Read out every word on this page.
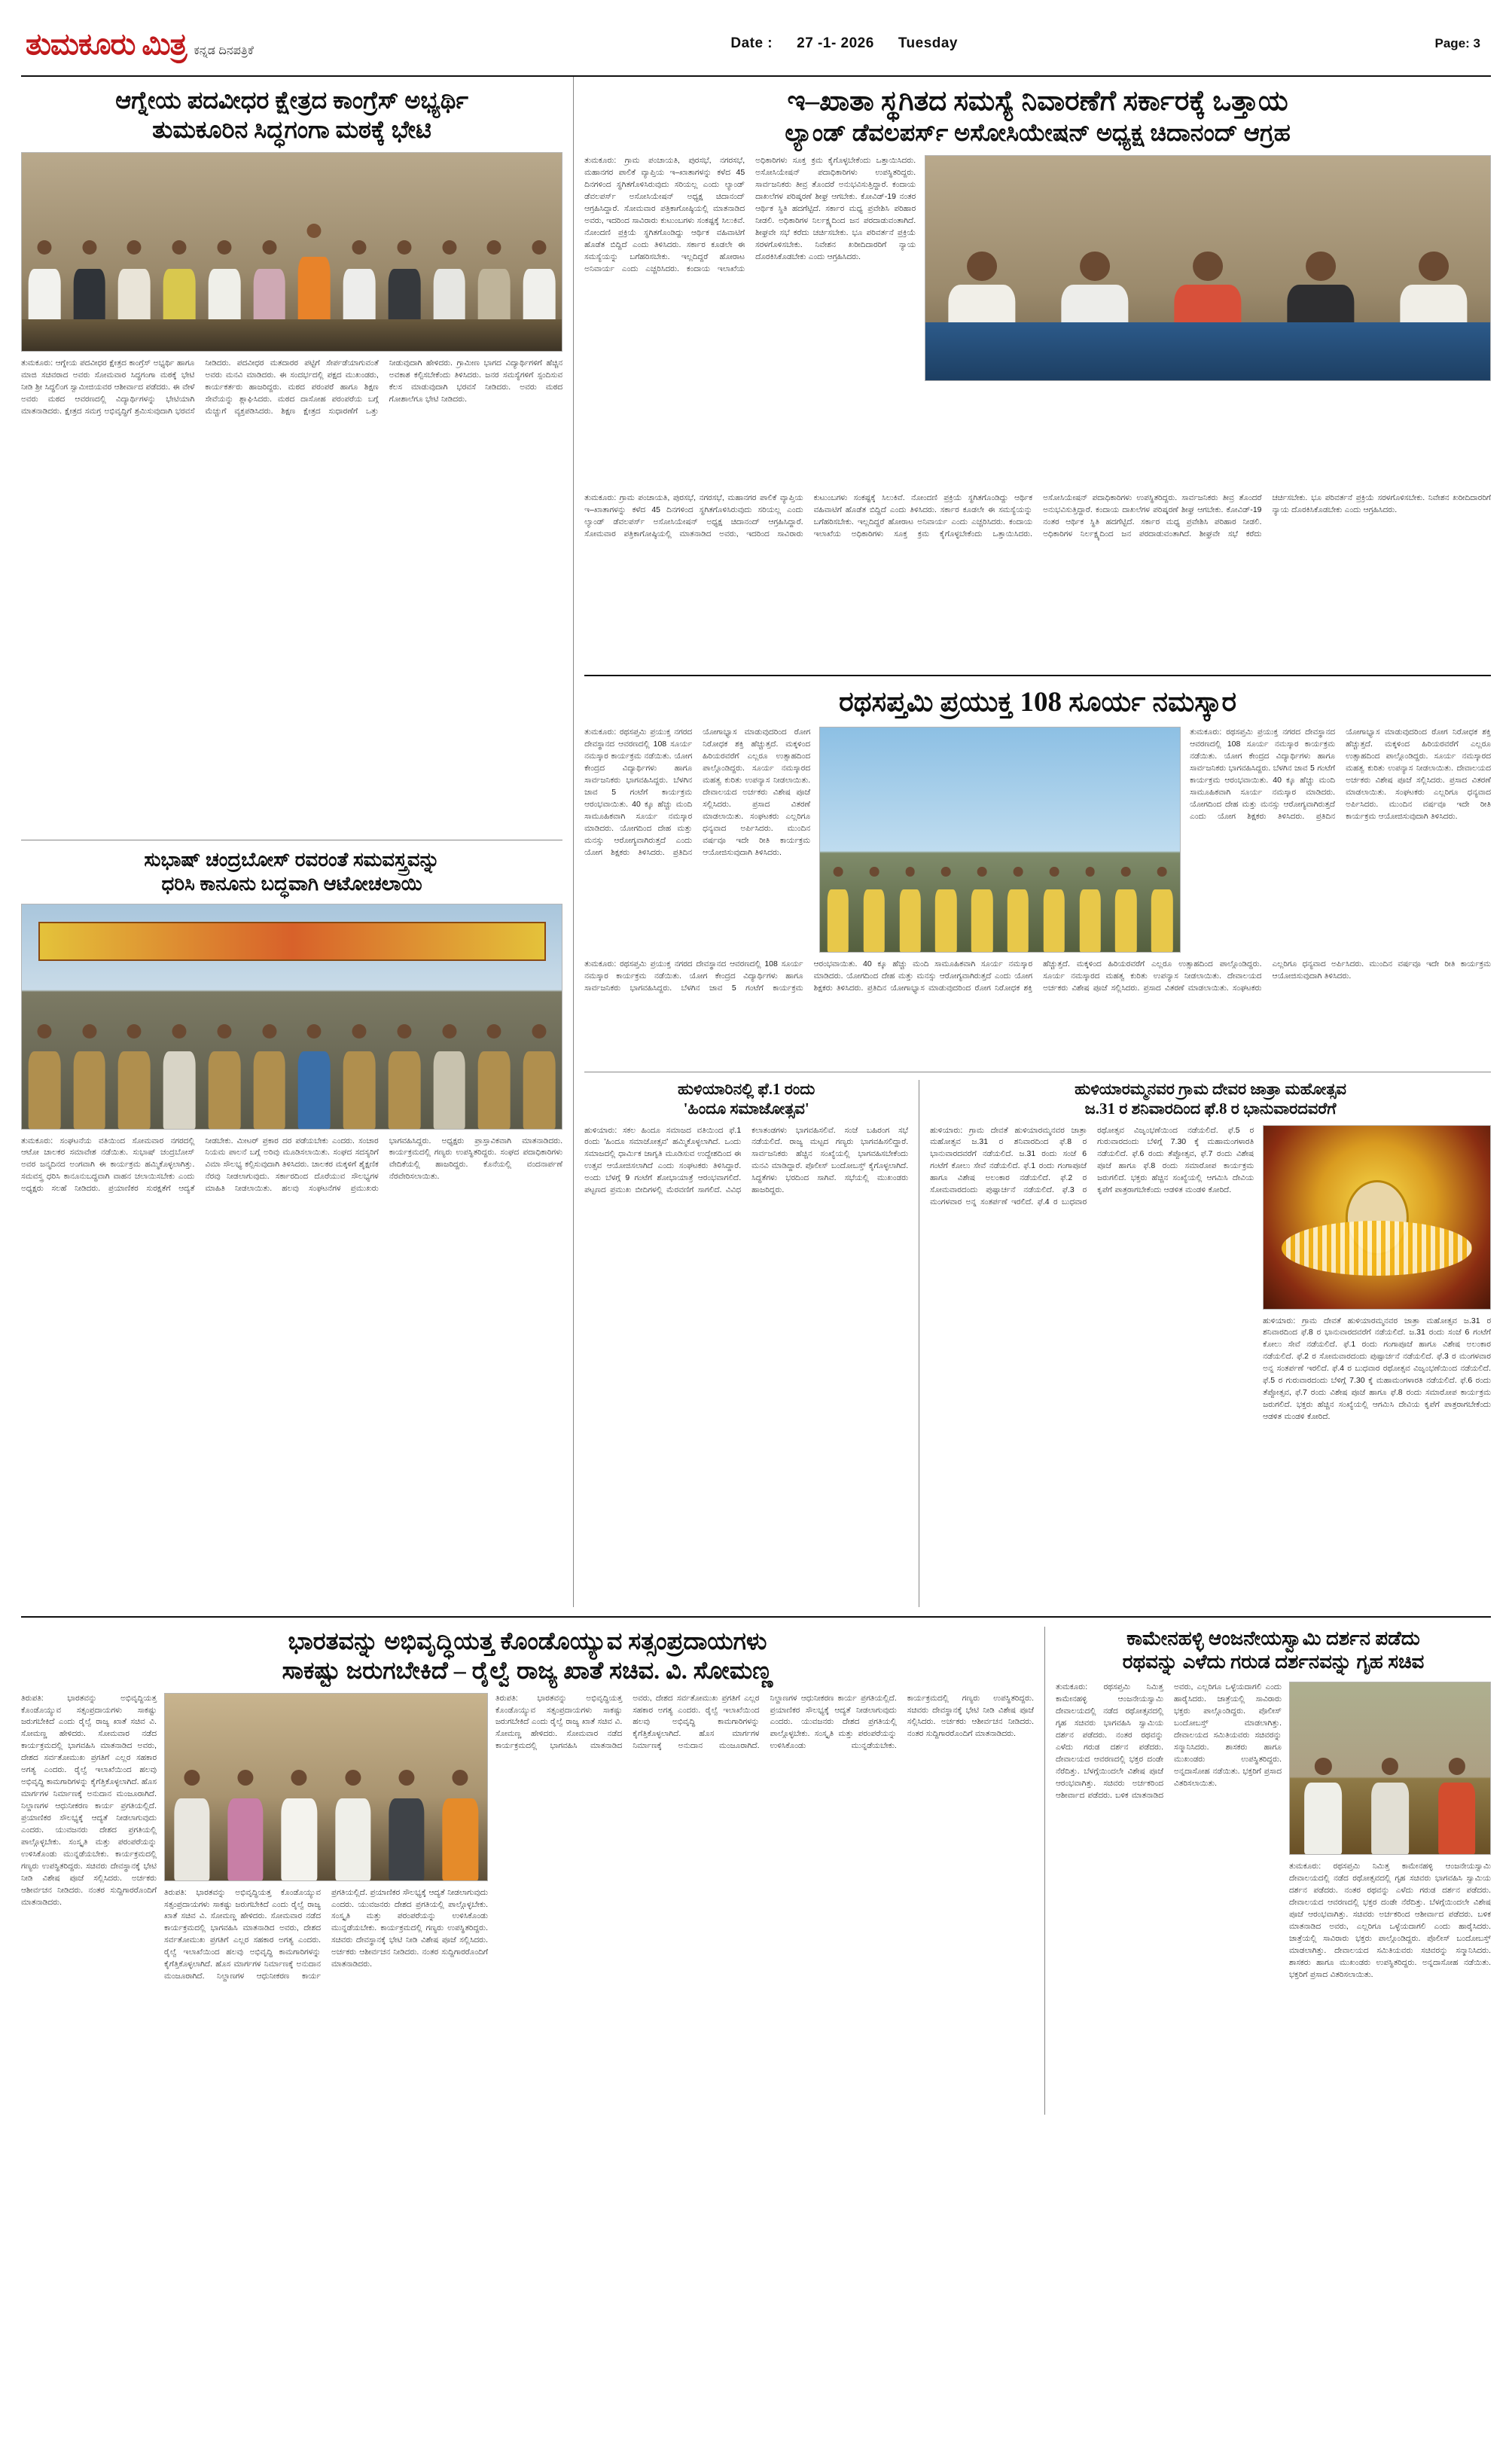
ತುಮಕೂರು ಮಿತ್ರ ಕನ್ನಡ ದಿನಪತ್ರಿಕೆ	Date : 27 -1- 2026 Tuesday	Page: 3
ಆಗ್ನೇಯ ಪದವೀಧರ ಕ್ಷೇತ್ರದ ಕಾಂಗ್ರೆಸ್ ಅಭ್ಯರ್ಥಿ
ತುಮಕೂರಿನ ಸಿದ್ಧಗಂಗಾ ಮಠಕ್ಕೆ ಭೇಟಿ
ತುಮಕೂರು: ಆಗ್ನೇಯ ಪದವೀಧರ ಕ್ಷೇತ್ರದ ಕಾಂಗ್ರೆಸ್ ಅಭ್ಯರ್ಥಿ ಹಾಗೂ ಮಾಜಿ ಸಚಿವರಾದ ಅವರು ಸೋಮವಾರ ಸಿದ್ಧಗಂಗಾ ಮಠಕ್ಕೆ ಭೇಟಿ ನೀಡಿ ಶ್ರೀ ಸಿದ್ಧಲಿಂಗ ಸ್ವಾಮೀಜಿಯವರ ಆಶೀರ್ವಾದ ಪಡೆದರು. ಈ ವೇಳೆ ಅವರು ಮಠದ ಆವರಣದಲ್ಲಿ ವಿದ್ಯಾರ್ಥಿಗಳನ್ನು ಭೇಟಿಯಾಗಿ ಮಾತನಾಡಿದರು. ಕ್ಷೇತ್ರದ ಸಮಗ್ರ ಅಭಿವೃದ್ಧಿಗೆ ಶ್ರಮಿಸುವುದಾಗಿ ಭರವಸೆ ನೀಡಿದರು. ಪದವೀಧರ ಮತದಾರರ ಪಟ್ಟಿಗೆ ಸೇರ್ಪಡೆಯಾಗುವಂತೆ ಅವರು ಮನವಿ ಮಾಡಿದರು. ಈ ಸಂದರ್ಭದಲ್ಲಿ ಪಕ್ಷದ ಮುಖಂಡರು, ಕಾರ್ಯಕರ್ತರು ಹಾಜರಿದ್ದರು. ಮಠದ ಪರಂಪರೆ ಹಾಗೂ ಶಿಕ್ಷಣ ಸೇವೆಯನ್ನು ಶ್ಲಾಘಿಸಿದರು. ಮಠದ ದಾಸೋಹ ಪರಂಪರೆಯ ಬಗ್ಗೆ ಮೆಚ್ಚುಗೆ ವ್ಯಕ್ತಪಡಿಸಿದರು. ಶಿಕ್ಷಣ ಕ್ಷೇತ್ರದ ಸುಧಾರಣೆಗೆ ಒತ್ತು ನೀಡುವುದಾಗಿ ಹೇಳಿದರು. ಗ್ರಾಮೀಣ ಭಾಗದ ವಿದ್ಯಾರ್ಥಿಗಳಿಗೆ ಹೆಚ್ಚಿನ ಅವಕಾಶ ಕಲ್ಪಿಸಬೇಕೆಂದು ತಿಳಿಸಿದರು. ಜನರ ಸಮಸ್ಯೆಗಳಿಗೆ ಸ್ಪಂದಿಸುವ ಕೆಲಸ ಮಾಡುವುದಾಗಿ ಭರವಸೆ ನೀಡಿದರು. ಅವರು ಮಠದ ಗೋಶಾಲೆಗೂ ಭೇಟಿ ನೀಡಿದರು.
ಸುಭಾಷ್ ಚಂದ್ರಬೋಸ್ ರವರಂತೆ ಸಮವಸ್ತ್ರವನ್ನು
ಧರಿಸಿ ಕಾನೂನು ಬದ್ಧವಾಗಿ ಆಟೋಚಲಾಯಿ
ತುಮಕೂರು: ಸಂಘಟನೆಯ ವತಿಯಿಂದ ಸೋಮವಾರ ನಗರದಲ್ಲಿ ಆಟೋ ಚಾಲಕರ ಸಮಾವೇಶ ನಡೆಯಿತು. ಸುಭಾಷ್ ಚಂದ್ರಬೋಸ್ ಅವರ ಜನ್ಮದಿನದ ಅಂಗವಾಗಿ ಈ ಕಾರ್ಯಕ್ರಮ ಹಮ್ಮಿಕೊಳ್ಳಲಾಗಿತ್ತು. ಸಮವಸ್ತ್ರ ಧರಿಸಿ ಕಾನೂನುಬದ್ಧವಾಗಿ ವಾಹನ ಚಲಾಯಿಸಬೇಕು ಎಂದು ಅಧ್ಯಕ್ಷರು ಸಲಹೆ ನೀಡಿದರು. ಪ್ರಯಾಣಿಕರ ಸುರಕ್ಷತೆಗೆ ಆದ್ಯತೆ ನೀಡಬೇಕು. ಮೀಟರ್ ಪ್ರಕಾರ ದರ ಪಡೆಯಬೇಕು ಎಂದರು. ಸಂಚಾರ ನಿಯಮ ಪಾಲನೆ ಬಗ್ಗೆ ಅರಿವು ಮೂಡಿಸಲಾಯಿತು. ಸಂಘದ ಸದಸ್ಯರಿಗೆ ವಿಮಾ ಸೌಲಭ್ಯ ಕಲ್ಪಿಸುವುದಾಗಿ ತಿಳಿಸಿದರು. ಚಾಲಕರ ಮಕ್ಕಳಿಗೆ ಶೈಕ್ಷಣಿಕ ನೆರವು ನೀಡಲಾಗುವುದು. ಸರ್ಕಾರದಿಂದ ದೊರೆಯುವ ಸೌಲಭ್ಯಗಳ ಮಾಹಿತಿ ನೀಡಲಾಯಿತು. ಹಲವು ಸಂಘಟನೆಗಳ ಪ್ರಮುಖರು ಭಾಗವಹಿಸಿದ್ದರು. ಅಧ್ಯಕ್ಷರು ಪ್ರಾಸ್ತಾವಿಕವಾಗಿ ಮಾತನಾಡಿದರು. ಕಾರ್ಯಕ್ರಮದಲ್ಲಿ ಗಣ್ಯರು ಉಪಸ್ಥಿತರಿದ್ದರು. ಸಂಘದ ಪದಾಧಿಕಾರಿಗಳು ವೇದಿಕೆಯಲ್ಲಿ ಹಾಜರಿದ್ದರು. ಕೊನೆಯಲ್ಲಿ ವಂದನಾರ್ಪಣೆ ನೆರವೇರಿಸಲಾಯಿತು.
ಇ–ಖಾತಾ ಸ್ಥಗಿತದ ಸಮಸ್ಯೆ ನಿವಾರಣೆಗೆ ಸರ್ಕಾರಕ್ಕೆ ಒತ್ತಾಯ
ಲ್ಯಾಂಡ್ ಡೆವಲಪರ್ಸ್ ಅಸೋಸಿಯೇಷನ್ ಅಧ್ಯಕ್ಷ ಚಿದಾನಂದ್ ಆಗ್ರಹ
ತುಮಕೂರು: ಗ್ರಾಮ ಪಂಚಾಯತಿ, ಪುರಸಭೆ, ನಗರಸಭೆ, ಮಹಾನಗರ ಪಾಲಿಕೆ ವ್ಯಾಪ್ತಿಯ ಇ–ಖಾತಾಗಳನ್ನು ಕಳೆದ 45 ದಿನಗಳಿಂದ ಸ್ಥಗಿತಗೊಳಿಸಿರುವುದು ಸರಿಯಲ್ಲ ಎಂದು ಲ್ಯಾಂಡ್ ಡೆವಲಪರ್ಸ್ ಅಸೋಸಿಯೇಷನ್ ಅಧ್ಯಕ್ಷ ಚಿದಾನಂದ್ ಆಗ್ರಹಿಸಿದ್ದಾರೆ. ಸೋಮವಾರ ಪತ್ರಿಕಾಗೋಷ್ಠಿಯಲ್ಲಿ ಮಾತನಾಡಿದ ಅವರು, ಇದರಿಂದ ಸಾವಿರಾರು ಕುಟುಂಬಗಳು ಸಂಕಷ್ಟಕ್ಕೆ ಸಿಲುಕಿವೆ. ನೋಂದಣಿ ಪ್ರಕ್ರಿಯೆ ಸ್ಥಗಿತಗೊಂಡಿದ್ದು ಆರ್ಥಿಕ ವಹಿವಾಟಿಗೆ ಹೊಡೆತ ಬಿದ್ದಿದೆ ಎಂದು ತಿಳಿಸಿದರು. ಸರ್ಕಾರ ಕೂಡಲೇ ಈ ಸಮಸ್ಯೆಯನ್ನು ಬಗೆಹರಿಸಬೇಕು. ಇಲ್ಲದಿದ್ದರೆ ಹೋರಾಟ ಅನಿವಾರ್ಯ ಎಂದು ಎಚ್ಚರಿಸಿದರು. ಕಂದಾಯ ಇಲಾಖೆಯ ಅಧಿಕಾರಿಗಳು ಸೂಕ್ತ ಕ್ರಮ ಕೈಗೊಳ್ಳಬೇಕೆಂದು ಒತ್ತಾಯಿಸಿದರು. ಅಸೋಸಿಯೇಷನ್ ಪದಾಧಿಕಾರಿಗಳು ಉಪಸ್ಥಿತರಿದ್ದರು. ಸಾರ್ವಜನಿಕರು ತೀವ್ರ ತೊಂದರೆ ಅನುಭವಿಸುತ್ತಿದ್ದಾರೆ. ಕಂದಾಯ ದಾಖಲೆಗಳ ಪರಿಷ್ಕರಣೆ ಶೀಘ್ರ ಆಗಬೇಕು. ಕೋವಿಡ್-19 ನಂತರ ಆರ್ಥಿಕ ಸ್ಥಿತಿ ಹದಗೆಟ್ಟಿದೆ. ಸರ್ಕಾರ ಮಧ್ಯ ಪ್ರವೇಶಿಸಿ ಪರಿಹಾರ ನೀಡಲಿ. ಅಧಿಕಾರಿಗಳ ನಿರ್ಲಕ್ಷ್ಯದಿಂದ ಜನ ಪರದಾಡುವಂತಾಗಿದೆ. ಶೀಘ್ರವೇ ಸಭೆ ಕರೆದು ಚರ್ಚಿಸಬೇಕು. ಭೂ ಪರಿವರ್ತನೆ ಪ್ರಕ್ರಿಯೆ ಸರಳಗೊಳಿಸಬೇಕು. ನಿವೇಶನ ಖರೀದಿದಾರರಿಗೆ ನ್ಯಾಯ ದೊರಕಿಸಿಕೊಡಬೇಕು ಎಂದು ಆಗ್ರಹಿಸಿದರು.
ತುಮಕೂರು: ಗ್ರಾಮ ಪಂಚಾಯತಿ, ಪುರಸಭೆ, ನಗರಸಭೆ, ಮಹಾನಗರ ಪಾಲಿಕೆ ವ್ಯಾಪ್ತಿಯ ಇ–ಖಾತಾಗಳನ್ನು ಕಳೆದ 45 ದಿನಗಳಿಂದ ಸ್ಥಗಿತಗೊಳಿಸಿರುವುದು ಸರಿಯಲ್ಲ ಎಂದು ಲ್ಯಾಂಡ್ ಡೆವಲಪರ್ಸ್ ಅಸೋಸಿಯೇಷನ್ ಅಧ್ಯಕ್ಷ ಚಿದಾನಂದ್ ಆಗ್ರಹಿಸಿದ್ದಾರೆ. ಸೋಮವಾರ ಪತ್ರಿಕಾಗೋಷ್ಠಿಯಲ್ಲಿ ಮಾತನಾಡಿದ ಅವರು, ಇದರಿಂದ ಸಾವಿರಾರು ಕುಟುಂಬಗಳು ಸಂಕಷ್ಟಕ್ಕೆ ಸಿಲುಕಿವೆ. ನೋಂದಣಿ ಪ್ರಕ್ರಿಯೆ ಸ್ಥಗಿತಗೊಂಡಿದ್ದು ಆರ್ಥಿಕ ವಹಿವಾಟಿಗೆ ಹೊಡೆತ ಬಿದ್ದಿದೆ ಎಂದು ತಿಳಿಸಿದರು. ಸರ್ಕಾರ ಕೂಡಲೇ ಈ ಸಮಸ್ಯೆಯನ್ನು ಬಗೆಹರಿಸಬೇಕು. ಇಲ್ಲದಿದ್ದರೆ ಹೋರಾಟ ಅನಿವಾರ್ಯ ಎಂದು ಎಚ್ಚರಿಸಿದರು. ಕಂದಾಯ ಇಲಾಖೆಯ ಅಧಿಕಾರಿಗಳು ಸೂಕ್ತ ಕ್ರಮ ಕೈಗೊಳ್ಳಬೇಕೆಂದು ಒತ್ತಾಯಿಸಿದರು. ಅಸೋಸಿಯೇಷನ್ ಪದಾಧಿಕಾರಿಗಳು ಉಪಸ್ಥಿತರಿದ್ದರು. ಸಾರ್ವಜನಿಕರು ತೀವ್ರ ತೊಂದರೆ ಅನುಭವಿಸುತ್ತಿದ್ದಾರೆ. ಕಂದಾಯ ದಾಖಲೆಗಳ ಪರಿಷ್ಕರಣೆ ಶೀಘ್ರ ಆಗಬೇಕು. ಕೋವಿಡ್-19 ನಂತರ ಆರ್ಥಿಕ ಸ್ಥಿತಿ ಹದಗೆಟ್ಟಿದೆ. ಸರ್ಕಾರ ಮಧ್ಯ ಪ್ರವೇಶಿಸಿ ಪರಿಹಾರ ನೀಡಲಿ. ಅಧಿಕಾರಿಗಳ ನಿರ್ಲಕ್ಷ್ಯದಿಂದ ಜನ ಪರದಾಡುವಂತಾಗಿದೆ. ಶೀಘ್ರವೇ ಸಭೆ ಕರೆದು ಚರ್ಚಿಸಬೇಕು. ಭೂ ಪರಿವರ್ತನೆ ಪ್ರಕ್ರಿಯೆ ಸರಳಗೊಳಿಸಬೇಕು. ನಿವೇಶನ ಖರೀದಿದಾರರಿಗೆ ನ್ಯಾಯ ದೊರಕಿಸಿಕೊಡಬೇಕು ಎಂದು ಆಗ್ರಹಿಸಿದರು.
ರಥಸಪ್ತಮಿ ಪ್ರಯುಕ್ತ 108 ಸೂರ್ಯ ನಮಸ್ಕಾರ
ತುಮಕೂರು: ರಥಸಪ್ತಮಿ ಪ್ರಯುಕ್ತ ನಗರದ ದೇವಸ್ಥಾನದ ಆವರಣದಲ್ಲಿ 108 ಸೂರ್ಯ ನಮಸ್ಕಾರ ಕಾರ್ಯಕ್ರಮ ನಡೆಯಿತು. ಯೋಗ ಕೇಂದ್ರದ ವಿದ್ಯಾರ್ಥಿಗಳು ಹಾಗೂ ಸಾರ್ವಜನಿಕರು ಭಾಗವಹಿಸಿದ್ದರು. ಬೆಳಗಿನ ಜಾವ 5 ಗಂಟೆಗೆ ಕಾರ್ಯಕ್ರಮ ಆರಂಭವಾಯಿತು. 40 ಕ್ಕೂ ಹೆಚ್ಚು ಮಂದಿ ಸಾಮೂಹಿಕವಾಗಿ ಸೂರ್ಯ ನಮಸ್ಕಾರ ಮಾಡಿದರು. ಯೋಗದಿಂದ ದೇಹ ಮತ್ತು ಮನಸ್ಸು ಆರೋಗ್ಯವಾಗಿರುತ್ತದೆ ಎಂದು ಯೋಗ ಶಿಕ್ಷಕರು ತಿಳಿಸಿದರು. ಪ್ರತಿದಿನ ಯೋಗಾಭ್ಯಾಸ ಮಾಡುವುದರಿಂದ ರೋಗ ನಿರೋಧಕ ಶಕ್ತಿ ಹೆಚ್ಚುತ್ತದೆ. ಮಕ್ಕಳಿಂದ ಹಿರಿಯರವರೆಗೆ ಎಲ್ಲರೂ ಉತ್ಸಾಹದಿಂದ ಪಾಲ್ಗೊಂಡಿದ್ದರು. ಸೂರ್ಯ ನಮಸ್ಕಾರದ ಮಹತ್ವ ಕುರಿತು ಉಪನ್ಯಾಸ ನೀಡಲಾಯಿತು. ದೇವಾಲಯದ ಅರ್ಚಕರು ವಿಶೇಷ ಪೂಜೆ ಸಲ್ಲಿಸಿದರು. ಪ್ರಸಾದ ವಿತರಣೆ ಮಾಡಲಾಯಿತು. ಸಂಘಟಕರು ಎಲ್ಲರಿಗೂ ಧನ್ಯವಾದ ಅರ್ಪಿಸಿದರು. ಮುಂದಿನ ವರ್ಷವೂ ಇದೇ ರೀತಿ ಕಾರ್ಯಕ್ರಮ ಆಯೋಜಿಸುವುದಾಗಿ ತಿಳಿಸಿದರು.
ತುಮಕೂರು: ರಥಸಪ್ತಮಿ ಪ್ರಯುಕ್ತ ನಗರದ ದೇವಸ್ಥಾನದ ಆವರಣದಲ್ಲಿ 108 ಸೂರ್ಯ ನಮಸ್ಕಾರ ಕಾರ್ಯಕ್ರಮ ನಡೆಯಿತು. ಯೋಗ ಕೇಂದ್ರದ ವಿದ್ಯಾರ್ಥಿಗಳು ಹಾಗೂ ಸಾರ್ವಜನಿಕರು ಭಾಗವಹಿಸಿದ್ದರು. ಬೆಳಗಿನ ಜಾವ 5 ಗಂಟೆಗೆ ಕಾರ್ಯಕ್ರಮ ಆರಂಭವಾಯಿತು. 40 ಕ್ಕೂ ಹೆಚ್ಚು ಮಂದಿ ಸಾಮೂಹಿಕವಾಗಿ ಸೂರ್ಯ ನಮಸ್ಕಾರ ಮಾಡಿದರು. ಯೋಗದಿಂದ ದೇಹ ಮತ್ತು ಮನಸ್ಸು ಆರೋಗ್ಯವಾಗಿರುತ್ತದೆ ಎಂದು ಯೋಗ ಶಿಕ್ಷಕರು ತಿಳಿಸಿದರು. ಪ್ರತಿದಿನ ಯೋಗಾಭ್ಯಾಸ ಮಾಡುವುದರಿಂದ ರೋಗ ನಿರೋಧಕ ಶಕ್ತಿ ಹೆಚ್ಚುತ್ತದೆ. ಮಕ್ಕಳಿಂದ ಹಿರಿಯರವರೆಗೆ ಎಲ್ಲರೂ ಉತ್ಸಾಹದಿಂದ ಪಾಲ್ಗೊಂಡಿದ್ದರು. ಸೂರ್ಯ ನಮಸ್ಕಾರದ ಮಹತ್ವ ಕುರಿತು ಉಪನ್ಯಾಸ ನೀಡಲಾಯಿತು. ದೇವಾಲಯದ ಅರ್ಚಕರು ವಿಶೇಷ ಪೂಜೆ ಸಲ್ಲಿಸಿದರು. ಪ್ರಸಾದ ವಿತರಣೆ ಮಾಡಲಾಯಿತು. ಸಂಘಟಕರು ಎಲ್ಲರಿಗೂ ಧನ್ಯವಾದ ಅರ್ಪಿಸಿದರು. ಮುಂದಿನ ವರ್ಷವೂ ಇದೇ ರೀತಿ ಕಾರ್ಯಕ್ರಮ ಆಯೋಜಿಸುವುದಾಗಿ ತಿಳಿಸಿದರು.
ತುಮಕೂರು: ರಥಸಪ್ತಮಿ ಪ್ರಯುಕ್ತ ನಗರದ ದೇವಸ್ಥಾನದ ಆವರಣದಲ್ಲಿ 108 ಸೂರ್ಯ ನಮಸ್ಕಾರ ಕಾರ್ಯಕ್ರಮ ನಡೆಯಿತು. ಯೋಗ ಕೇಂದ್ರದ ವಿದ್ಯಾರ್ಥಿಗಳು ಹಾಗೂ ಸಾರ್ವಜನಿಕರು ಭಾಗವಹಿಸಿದ್ದರು. ಬೆಳಗಿನ ಜಾವ 5 ಗಂಟೆಗೆ ಕಾರ್ಯಕ್ರಮ ಆರಂಭವಾಯಿತು. 40 ಕ್ಕೂ ಹೆಚ್ಚು ಮಂದಿ ಸಾಮೂಹಿಕವಾಗಿ ಸೂರ್ಯ ನಮಸ್ಕಾರ ಮಾಡಿದರು. ಯೋಗದಿಂದ ದೇಹ ಮತ್ತು ಮನಸ್ಸು ಆರೋಗ್ಯವಾಗಿರುತ್ತದೆ ಎಂದು ಯೋಗ ಶಿಕ್ಷಕರು ತಿಳಿಸಿದರು. ಪ್ರತಿದಿನ ಯೋಗಾಭ್ಯಾಸ ಮಾಡುವುದರಿಂದ ರೋಗ ನಿರೋಧಕ ಶಕ್ತಿ ಹೆಚ್ಚುತ್ತದೆ. ಮಕ್ಕಳಿಂದ ಹಿರಿಯರವರೆಗೆ ಎಲ್ಲರೂ ಉತ್ಸಾಹದಿಂದ ಪಾಲ್ಗೊಂಡಿದ್ದರು. ಸೂರ್ಯ ನಮಸ್ಕಾರದ ಮಹತ್ವ ಕುರಿತು ಉಪನ್ಯಾಸ ನೀಡಲಾಯಿತು. ದೇವಾಲಯದ ಅರ್ಚಕರು ವಿಶೇಷ ಪೂಜೆ ಸಲ್ಲಿಸಿದರು. ಪ್ರಸಾದ ವಿತರಣೆ ಮಾಡಲಾಯಿತು. ಸಂಘಟಕರು ಎಲ್ಲರಿಗೂ ಧನ್ಯವಾದ ಅರ್ಪಿಸಿದರು. ಮುಂದಿನ ವರ್ಷವೂ ಇದೇ ರೀತಿ ಕಾರ್ಯಕ್ರಮ ಆಯೋಜಿಸುವುದಾಗಿ ತಿಳಿಸಿದರು.
ಹುಳಿಯಾರಿನಲ್ಲಿ ಫೆ.1 ರಂದು
'ಹಿಂದೂ ಸಮಾಜೋತ್ಸವ'
ಹುಳಿಯಾರು: ಸಕಲ ಹಿಂದೂ ಸಮಾಜದ ವತಿಯಿಂದ ಫೆ.1 ರಂದು 'ಹಿಂದೂ ಸಮಾಜೋತ್ಸವ' ಹಮ್ಮಿಕೊಳ್ಳಲಾಗಿದೆ. ಒಂದು ಸಮಾಜದಲ್ಲಿ ಧಾರ್ಮಿಕ ಜಾಗೃತಿ ಮೂಡಿಸುವ ಉದ್ದೇಶದಿಂದ ಈ ಉತ್ಸವ ಆಯೋಜಿಸಲಾಗಿದೆ ಎಂದು ಸಂಘಟಕರು ತಿಳಿಸಿದ್ದಾರೆ. ಅಂದು ಬೆಳಗ್ಗೆ 9 ಗಂಟೆಗೆ ಶೋಭಾಯಾತ್ರೆ ಆರಂಭವಾಗಲಿದೆ. ಪಟ್ಟಣದ ಪ್ರಮುಖ ಬೀದಿಗಳಲ್ಲಿ ಮೆರವಣಿಗೆ ಸಾಗಲಿದೆ. ವಿವಿಧ ಕಲಾತಂಡಗಳು ಭಾಗವಹಿಸಲಿವೆ. ಸಂಜೆ ಬಹಿರಂಗ ಸಭೆ ನಡೆಯಲಿದೆ. ರಾಜ್ಯ ಮಟ್ಟದ ಗಣ್ಯರು ಭಾಗವಹಿಸಲಿದ್ದಾರೆ. ಸಾರ್ವಜನಿಕರು ಹೆಚ್ಚಿನ ಸಂಖ್ಯೆಯಲ್ಲಿ ಭಾಗವಹಿಸಬೇಕೆಂದು ಮನವಿ ಮಾಡಿದ್ದಾರೆ. ಪೊಲೀಸ್ ಬಂದೋಬಸ್ತ್ ಕೈಗೊಳ್ಳಲಾಗಿದೆ. ಸಿದ್ಧತೆಗಳು ಭರದಿಂದ ಸಾಗಿವೆ. ಸಭೆಯಲ್ಲಿ ಮುಖಂಡರು ಹಾಜರಿದ್ದರು.
ಹುಳಿಯಾರಮ್ಮನವರ ಗ್ರಾಮ ದೇವರ ಜಾತ್ರಾ ಮಹೋತ್ಸವ
ಜ.31 ರ ಶನಿವಾರದಿಂದ ಫೆ.8 ರ ಭಾನುವಾರದವರೆಗೆ
ಹುಳಿಯಾರು: ಗ್ರಾಮ ದೇವತೆ ಹುಳಿಯಾರಮ್ಮನವರ ಜಾತ್ರಾ ಮಹೋತ್ಸವ ಜ.31 ರ ಶನಿವಾರದಿಂದ ಫೆ.8 ರ ಭಾನುವಾರದವರೆಗೆ ನಡೆಯಲಿದೆ. ಜ.31 ರಂದು ಸಂಜೆ 6 ಗಂಟೆಗೆ ಕೋಲು ಸೇವೆ ನಡೆಯಲಿದೆ. ಫೆ.1 ರಂದು ಗಂಗಾಪೂಜೆ ಹಾಗೂ ವಿಶೇಷ ಅಲಂಕಾರ ನಡೆಯಲಿದೆ. ಫೆ.2 ರ ಸೋಮವಾರದಂದು ಪುಷ್ಪಾರ್ಚನೆ ನಡೆಯಲಿದೆ. ಫೆ.3 ರ ಮಂಗಳವಾರ ಅನ್ನ ಸಂತರ್ಪಣೆ ಇರಲಿದೆ. ಫೆ.4 ರ ಬುಧವಾರ ರಥೋತ್ಸವ ವಿಜೃಂಭಣೆಯಿಂದ ನಡೆಯಲಿದೆ. ಫೆ.5 ರ ಗುರುವಾರದಂದು ಬೆಳಿಗ್ಗೆ 7.30 ಕ್ಕೆ ಮಹಾಮಂಗಳಾರತಿ ನಡೆಯಲಿದೆ. ಫೆ.6 ರಂದು ತೆಪ್ಪೋತ್ಸವ, ಫೆ.7 ರಂದು ವಿಶೇಷ ಪೂಜೆ ಹಾಗೂ ಫೆ.8 ರಂದು ಸಮಾರೋಪ ಕಾರ್ಯಕ್ರಮ ಜರುಗಲಿದೆ. ಭಕ್ತರು ಹೆಚ್ಚಿನ ಸಂಖ್ಯೆಯಲ್ಲಿ ಆಗಮಿಸಿ ದೇವಿಯ ಕೃಪೆಗೆ ಪಾತ್ರರಾಗಬೇಕೆಂದು ಆಡಳಿತ ಮಂಡಳಿ ಕೋರಿದೆ.
ಹುಳಿಯಾರು: ಗ್ರಾಮ ದೇವತೆ ಹುಳಿಯಾರಮ್ಮನವರ ಜಾತ್ರಾ ಮಹೋತ್ಸವ ಜ.31 ರ ಶನಿವಾರದಿಂದ ಫೆ.8 ರ ಭಾನುವಾರದವರೆಗೆ ನಡೆಯಲಿದೆ. ಜ.31 ರಂದು ಸಂಜೆ 6 ಗಂಟೆಗೆ ಕೋಲು ಸೇವೆ ನಡೆಯಲಿದೆ. ಫೆ.1 ರಂದು ಗಂಗಾಪೂಜೆ ಹಾಗೂ ವಿಶೇಷ ಅಲಂಕಾರ ನಡೆಯಲಿದೆ. ಫೆ.2 ರ ಸೋಮವಾರದಂದು ಪುಷ್ಪಾರ್ಚನೆ ನಡೆಯಲಿದೆ. ಫೆ.3 ರ ಮಂಗಳವಾರ ಅನ್ನ ಸಂತರ್ಪಣೆ ಇರಲಿದೆ. ಫೆ.4 ರ ಬುಧವಾರ ರಥೋತ್ಸವ ವಿಜೃಂಭಣೆಯಿಂದ ನಡೆಯಲಿದೆ. ಫೆ.5 ರ ಗುರುವಾರದಂದು ಬೆಳಿಗ್ಗೆ 7.30 ಕ್ಕೆ ಮಹಾಮಂಗಳಾರತಿ ನಡೆಯಲಿದೆ. ಫೆ.6 ರಂದು ತೆಪ್ಪೋತ್ಸವ, ಫೆ.7 ರಂದು ವಿಶೇಷ ಪೂಜೆ ಹಾಗೂ ಫೆ.8 ರಂದು ಸಮಾರೋಪ ಕಾರ್ಯಕ್ರಮ ಜರುಗಲಿದೆ. ಭಕ್ತರು ಹೆಚ್ಚಿನ ಸಂಖ್ಯೆಯಲ್ಲಿ ಆಗಮಿಸಿ ದೇವಿಯ ಕೃಪೆಗೆ ಪಾತ್ರರಾಗಬೇಕೆಂದು ಆಡಳಿತ ಮಂಡಳಿ ಕೋರಿದೆ.
ಭಾರತವನ್ನು ಅಭಿವೃದ್ಧಿಯತ್ತ ಕೊಂಡೊಯ್ಯುವ ಸತ್ಸಂಪ್ರದಾಯಗಳು
ಸಾಕಷ್ಟು ಜರುಗಬೇಕಿದೆ – ರೈಲ್ವೆ ರಾಜ್ಯ ಖಾತೆ ಸಚಿವ. ವಿ. ಸೋಮಣ್ಣ
ತಿರುಪತಿ: ಭಾರತವನ್ನು ಅಭಿವೃದ್ಧಿಯತ್ತ ಕೊಂಡೊಯ್ಯುವ ಸತ್ಸಂಪ್ರದಾಯಗಳು ಸಾಕಷ್ಟು ಜರುಗಬೇಕಿದೆ ಎಂದು ರೈಲ್ವೆ ರಾಜ್ಯ ಖಾತೆ ಸಚಿವ ವಿ. ಸೋಮಣ್ಣ ಹೇಳಿದರು. ಸೋಮವಾರ ನಡೆದ ಕಾರ್ಯಕ್ರಮದಲ್ಲಿ ಭಾಗವಹಿಸಿ ಮಾತನಾಡಿದ ಅವರು, ದೇಶದ ಸರ್ವತೋಮುಖ ಪ್ರಗತಿಗೆ ಎಲ್ಲರ ಸಹಕಾರ ಅಗತ್ಯ ಎಂದರು. ರೈಲ್ವೆ ಇಲಾಖೆಯಿಂದ ಹಲವು ಅಭಿವೃದ್ಧಿ ಕಾಮಗಾರಿಗಳನ್ನು ಕೈಗೆತ್ತಿಕೊಳ್ಳಲಾಗಿದೆ. ಹೊಸ ಮಾರ್ಗಗಳ ನಿರ್ಮಾಣಕ್ಕೆ ಅನುದಾನ ಮಂಜೂರಾಗಿದೆ. ನಿಲ್ದಾಣಗಳ ಆಧುನೀಕರಣ ಕಾರ್ಯ ಪ್ರಗತಿಯಲ್ಲಿದೆ. ಪ್ರಯಾಣಿಕರ ಸೌಲಭ್ಯಕ್ಕೆ ಆದ್ಯತೆ ನೀಡಲಾಗುವುದು ಎಂದರು. ಯುವಜನರು ದೇಶದ ಪ್ರಗತಿಯಲ್ಲಿ ಪಾಲ್ಗೊಳ್ಳಬೇಕು. ಸಂಸ್ಕೃತಿ ಮತ್ತು ಪರಂಪರೆಯನ್ನು ಉಳಿಸಿಕೊಂಡು ಮುನ್ನಡೆಯಬೇಕು. ಕಾರ್ಯಕ್ರಮದಲ್ಲಿ ಗಣ್ಯರು ಉಪಸ್ಥಿತರಿದ್ದರು. ಸಚಿವರು ದೇವಸ್ಥಾನಕ್ಕೆ ಭೇಟಿ ನೀಡಿ ವಿಶೇಷ ಪೂಜೆ ಸಲ್ಲಿಸಿದರು. ಅರ್ಚಕರು ಆಶೀರ್ವಚನ ನೀಡಿದರು. ನಂತರ ಸುದ್ದಿಗಾರರೊಂದಿಗೆ ಮಾತನಾಡಿದರು.
ತಿರುಪತಿ: ಭಾರತವನ್ನು ಅಭಿವೃದ್ಧಿಯತ್ತ ಕೊಂಡೊಯ್ಯುವ ಸತ್ಸಂಪ್ರದಾಯಗಳು ಸಾಕಷ್ಟು ಜರುಗಬೇಕಿದೆ ಎಂದು ರೈಲ್ವೆ ರಾಜ್ಯ ಖಾತೆ ಸಚಿವ ವಿ. ಸೋಮಣ್ಣ ಹೇಳಿದರು. ಸೋಮವಾರ ನಡೆದ ಕಾರ್ಯಕ್ರಮದಲ್ಲಿ ಭಾಗವಹಿಸಿ ಮಾತನಾಡಿದ ಅವರು, ದೇಶದ ಸರ್ವತೋಮುಖ ಪ್ರಗತಿಗೆ ಎಲ್ಲರ ಸಹಕಾರ ಅಗತ್ಯ ಎಂದರು. ರೈಲ್ವೆ ಇಲಾಖೆಯಿಂದ ಹಲವು ಅಭಿವೃದ್ಧಿ ಕಾಮಗಾರಿಗಳನ್ನು ಕೈಗೆತ್ತಿಕೊಳ್ಳಲಾಗಿದೆ. ಹೊಸ ಮಾರ್ಗಗಳ ನಿರ್ಮಾಣಕ್ಕೆ ಅನುದಾನ ಮಂಜೂರಾಗಿದೆ. ನಿಲ್ದಾಣಗಳ ಆಧುನೀಕರಣ ಕಾರ್ಯ ಪ್ರಗತಿಯಲ್ಲಿದೆ. ಪ್ರಯಾಣಿಕರ ಸೌಲಭ್ಯಕ್ಕೆ ಆದ್ಯತೆ ನೀಡಲಾಗುವುದು ಎಂದರು. ಯುವಜನರು ದೇಶದ ಪ್ರಗತಿಯಲ್ಲಿ ಪಾಲ್ಗೊಳ್ಳಬೇಕು. ಸಂಸ್ಕೃತಿ ಮತ್ತು ಪರಂಪರೆಯನ್ನು ಉಳಿಸಿಕೊಂಡು ಮುನ್ನಡೆಯಬೇಕು. ಕಾರ್ಯಕ್ರಮದಲ್ಲಿ ಗಣ್ಯರು ಉಪಸ್ಥಿತರಿದ್ದರು. ಸಚಿವರು ದೇವಸ್ಥಾನಕ್ಕೆ ಭೇಟಿ ನೀಡಿ ವಿಶೇಷ ಪೂಜೆ ಸಲ್ಲಿಸಿದರು. ಅರ್ಚಕರು ಆಶೀರ್ವಚನ ನೀಡಿದರು. ನಂತರ ಸುದ್ದಿಗಾರರೊಂದಿಗೆ ಮಾತನಾಡಿದರು.
ತಿರುಪತಿ: ಭಾರತವನ್ನು ಅಭಿವೃದ್ಧಿಯತ್ತ ಕೊಂಡೊಯ್ಯುವ ಸತ್ಸಂಪ್ರದಾಯಗಳು ಸಾಕಷ್ಟು ಜರುಗಬೇಕಿದೆ ಎಂದು ರೈಲ್ವೆ ರಾಜ್ಯ ಖಾತೆ ಸಚಿವ ವಿ. ಸೋಮಣ್ಣ ಹೇಳಿದರು. ಸೋಮವಾರ ನಡೆದ ಕಾರ್ಯಕ್ರಮದಲ್ಲಿ ಭಾಗವಹಿಸಿ ಮಾತನಾಡಿದ ಅವರು, ದೇಶದ ಸರ್ವತೋಮುಖ ಪ್ರಗತಿಗೆ ಎಲ್ಲರ ಸಹಕಾರ ಅಗತ್ಯ ಎಂದರು. ರೈಲ್ವೆ ಇಲಾಖೆಯಿಂದ ಹಲವು ಅಭಿವೃದ್ಧಿ ಕಾಮಗಾರಿಗಳನ್ನು ಕೈಗೆತ್ತಿಕೊಳ್ಳಲಾಗಿದೆ. ಹೊಸ ಮಾರ್ಗಗಳ ನಿರ್ಮಾಣಕ್ಕೆ ಅನುದಾನ ಮಂಜೂರಾಗಿದೆ. ನಿಲ್ದಾಣಗಳ ಆಧುನೀಕರಣ ಕಾರ್ಯ ಪ್ರಗತಿಯಲ್ಲಿದೆ. ಪ್ರಯಾಣಿಕರ ಸೌಲಭ್ಯಕ್ಕೆ ಆದ್ಯತೆ ನೀಡಲಾಗುವುದು ಎಂದರು. ಯುವಜನರು ದೇಶದ ಪ್ರಗತಿಯಲ್ಲಿ ಪಾಲ್ಗೊಳ್ಳಬೇಕು. ಸಂಸ್ಕೃತಿ ಮತ್ತು ಪರಂಪರೆಯನ್ನು ಉಳಿಸಿಕೊಂಡು ಮುನ್ನಡೆಯಬೇಕು. ಕಾರ್ಯಕ್ರಮದಲ್ಲಿ ಗಣ್ಯರು ಉಪಸ್ಥಿತರಿದ್ದರು. ಸಚಿವರು ದೇವಸ್ಥಾನಕ್ಕೆ ಭೇಟಿ ನೀಡಿ ವಿಶೇಷ ಪೂಜೆ ಸಲ್ಲಿಸಿದರು. ಅರ್ಚಕರು ಆಶೀರ್ವಚನ ನೀಡಿದರು. ನಂತರ ಸುದ್ದಿಗಾರರೊಂದಿಗೆ ಮಾತನಾಡಿದರು.
ಕಾಮೇನಹಳ್ಳಿ ಆಂಜನೇಯಸ್ವಾಮಿ ದರ್ಶನ ಪಡೆದು
ರಥವನ್ನು ಎಳೆದು ಗರುಡ ದರ್ಶನವನ್ನು ಗೃಹ ಸಚಿವ
ತುಮಕೂರು: ರಥಸಪ್ತಮಿ ನಿಮಿತ್ತ ಕಾಮೇನಹಳ್ಳಿ ಆಂಜನೇಯಸ್ವಾಮಿ ದೇವಾಲಯದಲ್ಲಿ ನಡೆದ ರಥೋತ್ಸವದಲ್ಲಿ ಗೃಹ ಸಚಿವರು ಭಾಗವಹಿಸಿ ಸ್ವಾಮಿಯ ದರ್ಶನ ಪಡೆದರು. ನಂತರ ರಥವನ್ನು ಎಳೆದು ಗರುಡ ದರ್ಶನ ಪಡೆದರು. ದೇವಾಲಯದ ಆವರಣದಲ್ಲಿ ಭಕ್ತರ ದಂಡೇ ನೆರೆದಿತ್ತು. ಬೆಳಗ್ಗೆಯಿಂದಲೇ ವಿಶೇಷ ಪೂಜೆ ಆರಂಭವಾಗಿತ್ತು. ಸಚಿವರು ಅರ್ಚಕರಿಂದ ಆಶೀರ್ವಾದ ಪಡೆದರು. ಬಳಿಕ ಮಾತನಾಡಿದ ಅವರು, ಎಲ್ಲರಿಗೂ ಒಳ್ಳೆಯದಾಗಲಿ ಎಂದು ಹಾರೈಸಿದರು. ಜಾತ್ರೆಯಲ್ಲಿ ಸಾವಿರಾರು ಭಕ್ತರು ಪಾಲ್ಗೊಂಡಿದ್ದರು. ಪೊಲೀಸ್ ಬಂದೋಬಸ್ತ್ ಮಾಡಲಾಗಿತ್ತು. ದೇವಾಲಯದ ಸಮಿತಿಯವರು ಸಚಿವರನ್ನು ಸನ್ಮಾನಿಸಿದರು. ಶಾಸಕರು ಹಾಗೂ ಮುಖಂಡರು ಉಪಸ್ಥಿತರಿದ್ದರು. ಅನ್ನದಾಸೋಹ ನಡೆಯಿತು. ಭಕ್ತರಿಗೆ ಪ್ರಸಾದ ವಿತರಿಸಲಾಯಿತು.
ತುಮಕೂರು: ರಥಸಪ್ತಮಿ ನಿಮಿತ್ತ ಕಾಮೇನಹಳ್ಳಿ ಆಂಜನೇಯಸ್ವಾಮಿ ದೇವಾಲಯದಲ್ಲಿ ನಡೆದ ರಥೋತ್ಸವದಲ್ಲಿ ಗೃಹ ಸಚಿವರು ಭಾಗವಹಿಸಿ ಸ್ವಾಮಿಯ ದರ್ಶನ ಪಡೆದರು. ನಂತರ ರಥವನ್ನು ಎಳೆದು ಗರುಡ ದರ್ಶನ ಪಡೆದರು. ದೇವಾಲಯದ ಆವರಣದಲ್ಲಿ ಭಕ್ತರ ದಂಡೇ ನೆರೆದಿತ್ತು. ಬೆಳಗ್ಗೆಯಿಂದಲೇ ವಿಶೇಷ ಪೂಜೆ ಆರಂಭವಾಗಿತ್ತು. ಸಚಿವರು ಅರ್ಚಕರಿಂದ ಆಶೀರ್ವಾದ ಪಡೆದರು. ಬಳಿಕ ಮಾತನಾಡಿದ ಅವರು, ಎಲ್ಲರಿಗೂ ಒಳ್ಳೆಯದಾಗಲಿ ಎಂದು ಹಾರೈಸಿದರು. ಜಾತ್ರೆಯಲ್ಲಿ ಸಾವಿರಾರು ಭಕ್ತರು ಪಾಲ್ಗೊಂಡಿದ್ದರು. ಪೊಲೀಸ್ ಬಂದೋಬಸ್ತ್ ಮಾಡಲಾಗಿತ್ತು. ದೇವಾಲಯದ ಸಮಿತಿಯವರು ಸಚಿವರನ್ನು ಸನ್ಮಾನಿಸಿದರು. ಶಾಸಕರು ಹಾಗೂ ಮುಖಂಡರು ಉಪಸ್ಥಿತರಿದ್ದರು. ಅನ್ನದಾಸೋಹ ನಡೆಯಿತು. ಭಕ್ತರಿಗೆ ಪ್ರಸಾದ ವಿತರಿಸಲಾಯಿತು.
